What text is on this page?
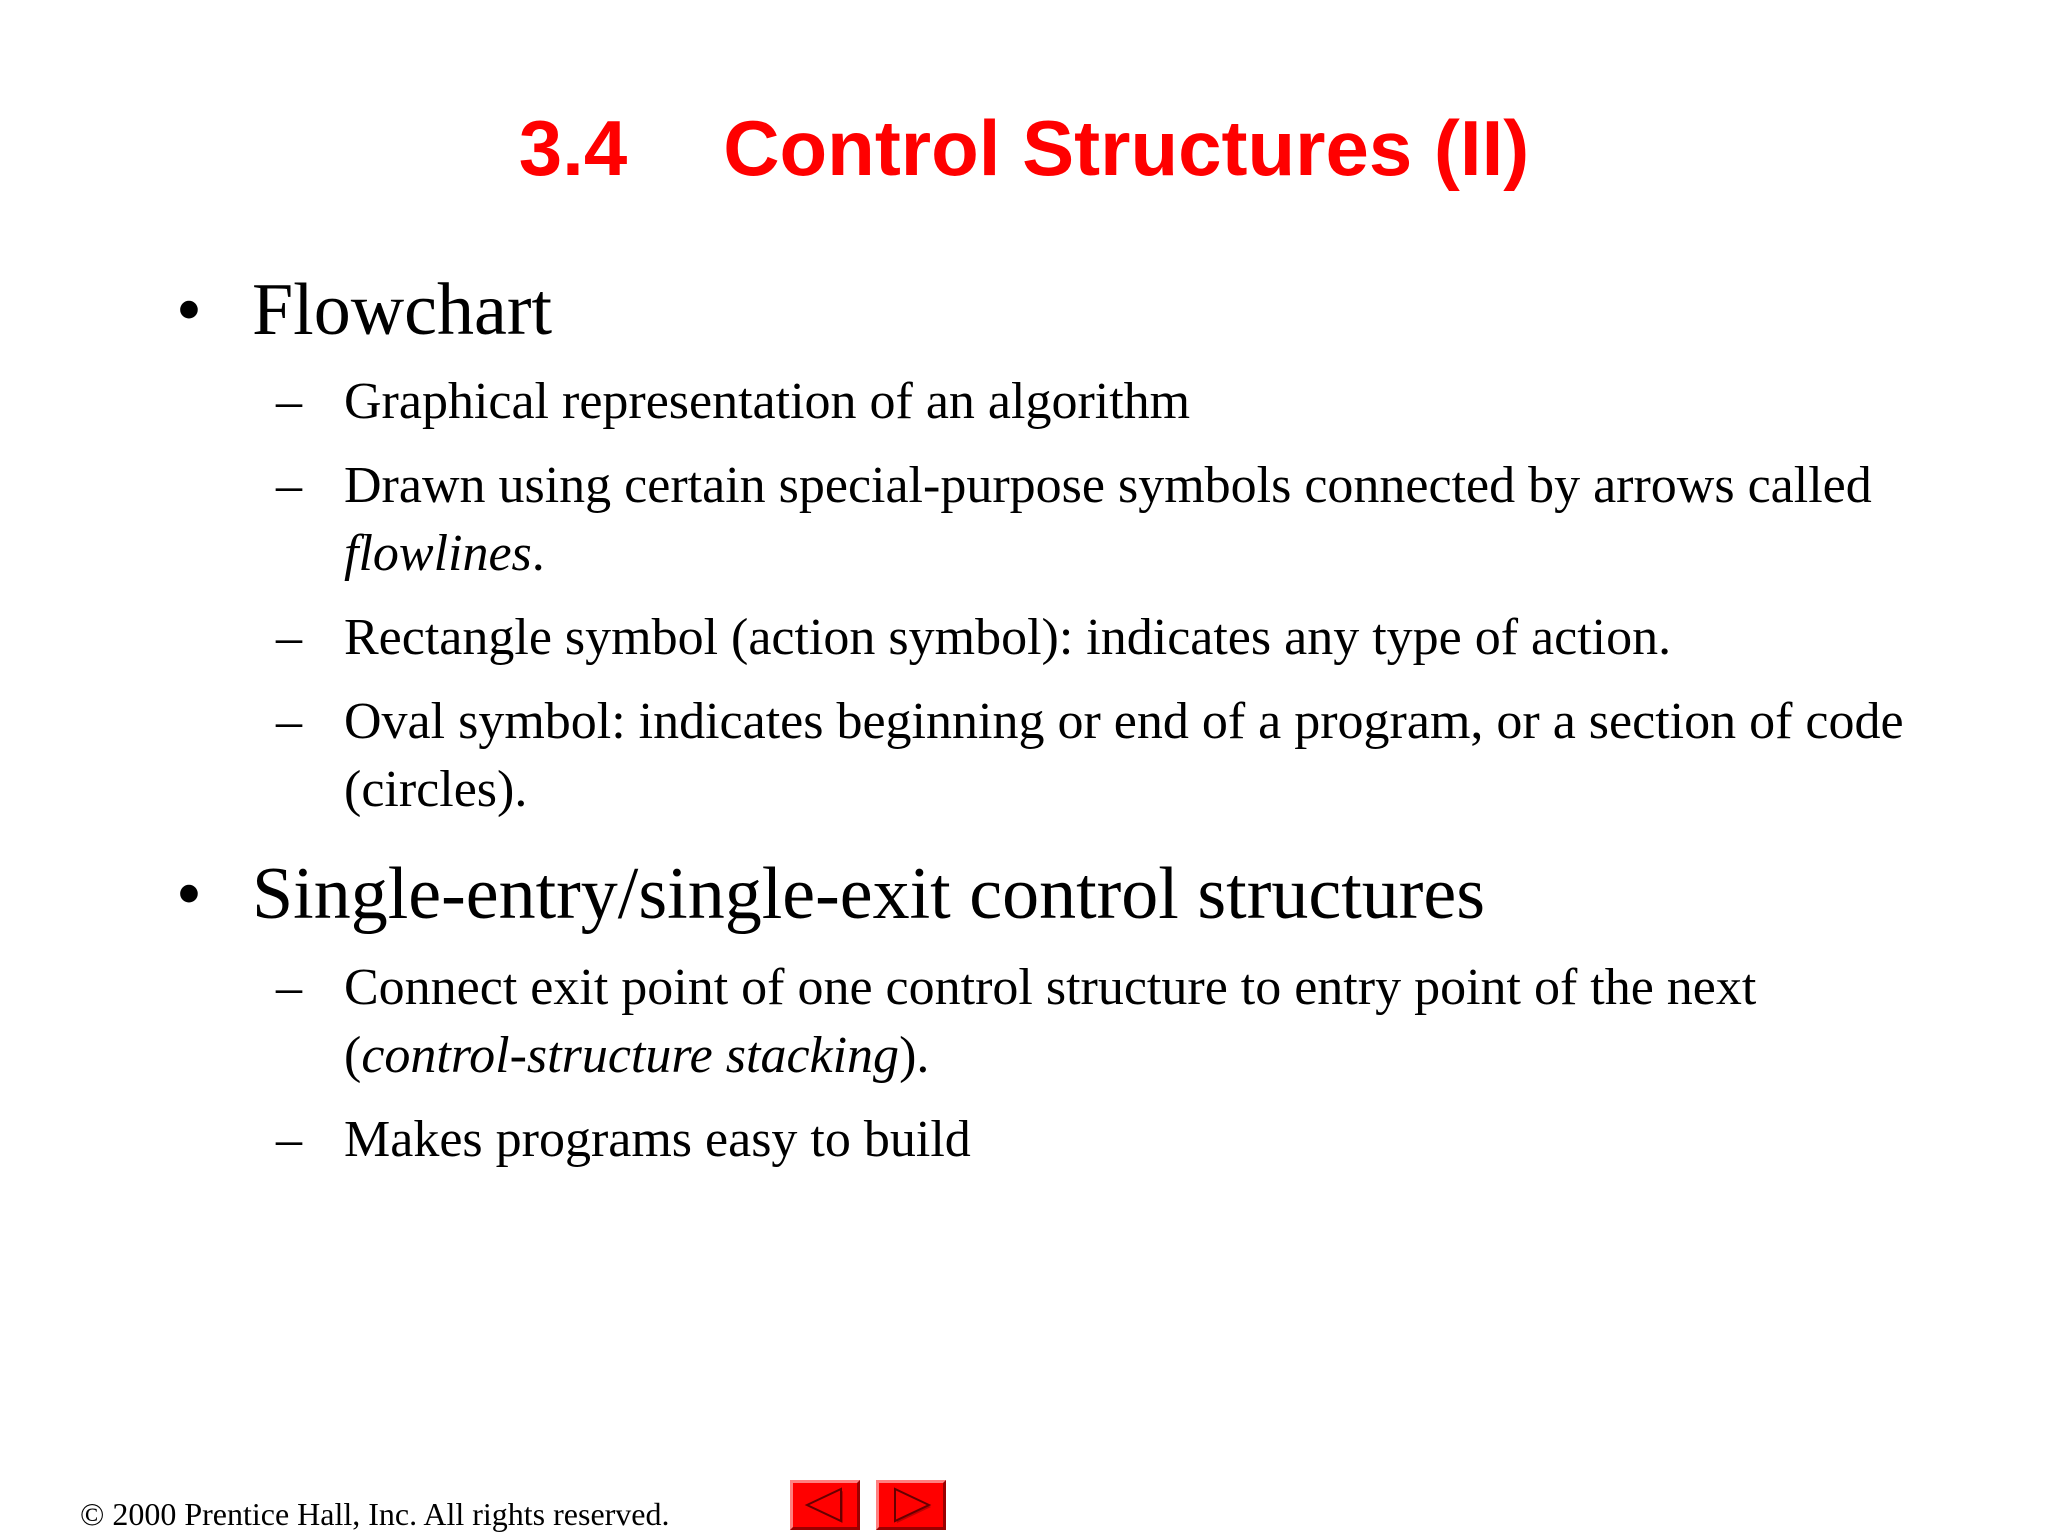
3.4 Control Structures (II)
• Flowchart
– Graphical representation of an algorithm
– Drawn using certain special-purpose symbols connected by arrows called flowlines.
– Rectangle symbol (action symbol): indicates any type of action.
– Oval symbol: indicates beginning or end of a program, or a section of code (circles).
• Single-entry/single-exit control structures
– Connect exit point of one control structure to entry point of the next (control-structure stacking).
– Makes programs easy to build
© 2000 Prentice Hall, Inc. All rights reserved.
